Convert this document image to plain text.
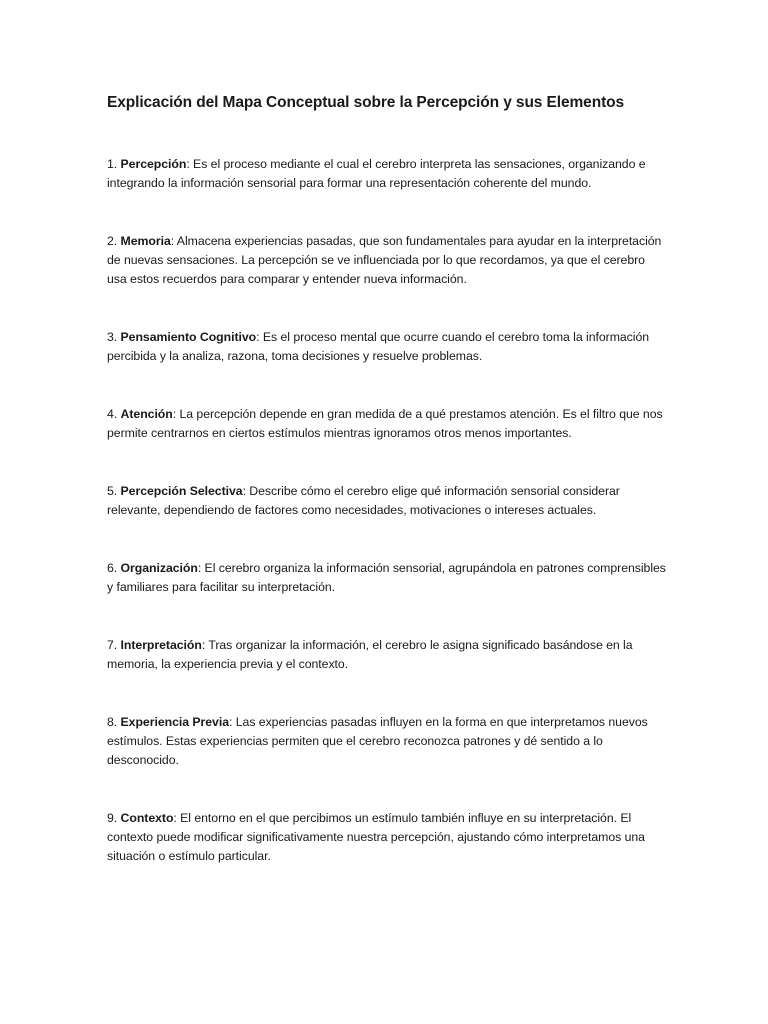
Explicación del Mapa Conceptual sobre la Percepción y sus Elementos

1. Percepción: Es el proceso mediante el cual el cerebro interpreta las sensaciones, organizando e integrando la información sensorial para formar una representación coherente del mundo.

2. Memoria: Almacena experiencias pasadas, que son fundamentales para ayudar en la interpretación de nuevas sensaciones. La percepción se ve influenciada por lo que recordamos, ya que el cerebro usa estos recuerdos para comparar y entender nueva información.

3. Pensamiento Cognitivo: Es el proceso mental que ocurre cuando el cerebro toma la información percibida y la analiza, razona, toma decisiones y resuelve problemas.

4. Atención: La percepción depende en gran medida de a qué prestamos atención. Es el filtro que nos permite centrarnos en ciertos estímulos mientras ignoramos otros menos importantes.

5. Percepción Selectiva: Describe cómo el cerebro elige qué información sensorial considerar relevante, dependiendo de factores como necesidades, motivaciones o intereses actuales.

6. Organización: El cerebro organiza la información sensorial, agrupándola en patrones comprensibles y familiares para facilitar su interpretación.

7. Interpretación: Tras organizar la información, el cerebro le asigna significado basándose en la memoria, la experiencia previa y el contexto.

8. Experiencia Previa: Las experiencias pasadas influyen en la forma en que interpretamos nuevos estímulos. Estas experiencias permiten que el cerebro reconozca patrones y dé sentido a lo desconocido.

9. Contexto: El entorno en el que percibimos un estímulo también influye en su interpretación. El contexto puede modificar significativamente nuestra percepción, ajustando cómo interpretamos una situación o estímulo particular.
